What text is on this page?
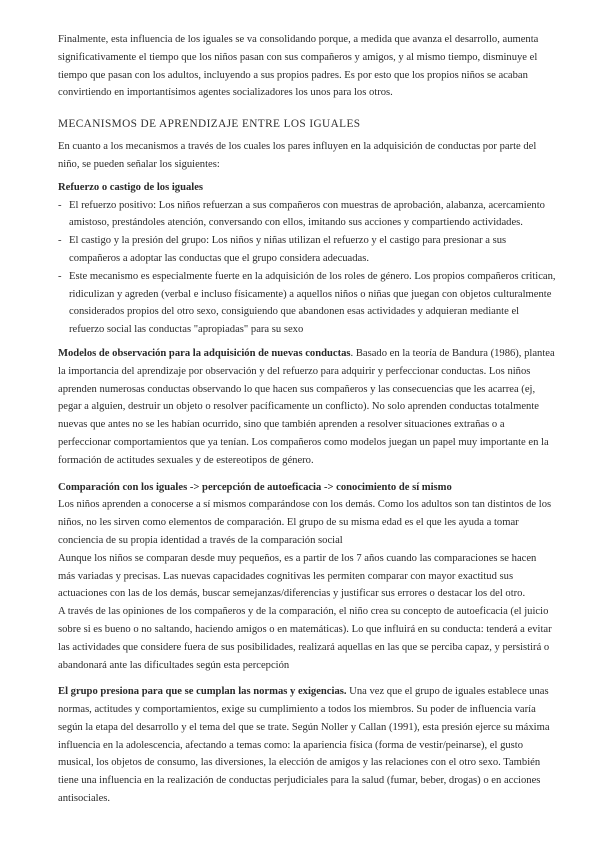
Finalmente, esta influencia de los iguales se va consolidando porque, a medida que avanza el desarrollo, aumenta significativamente el tiempo que los niños pasan con sus compañeros y amigos, y al mismo tiempo, disminuye el tiempo que pasan con los adultos, incluyendo a sus propios padres. Es por esto que los propios niños se acaban convirtiendo en importantísimos agentes socializadores los unos para los otros.

MECANISMOS DE APRENDIZAJE ENTRE LOS IGUALES

En cuanto a los mecanismos a través de los cuales los pares influyen en la adquisición de conductas por parte del niño, se pueden señalar los siguientes:

Refuerzo o castigo de los iguales

- El refuerzo positivo: Los niños refuerzan a sus compañeros con muestras de aprobación, alabanza, acercamiento amistoso, prestándoles atención, conversando con ellos, imitando sus acciones y compartiendo actividades.
- El castigo y la presión del grupo: Los niños y niñas utilizan el refuerzo y el castigo para presionar a sus compañeros a adoptar las conductas que el grupo considera adecuadas.
- Este mecanismo es especialmente fuerte en la adquisición de los roles de género. Los propios compañeros critican, ridiculizan y agreden (verbal e incluso físicamente) a aquellos niños o niñas que juegan con objetos culturalmente considerados propios del otro sexo, consiguiendo que abandonen esas actividades y adquieran mediante el refuerzo social las conductas "apropiadas" para su sexo

Modelos de observación para la adquisición de nuevas conductas. Basado en la teoría de Bandura (1986), plantea la importancia del aprendizaje por observación y del refuerzo para adquirir y perfeccionar conductas. Los niños aprenden numerosas conductas observando lo que hacen sus compañeros y las consecuencias que les acarrea (ej, pegar a alguien, destruir un objeto o resolver pacíficamente un conflicto). No solo aprenden conductas totalmente nuevas que antes no se les habían ocurrido, sino que también aprenden a resolver situaciones extrañas o a perfeccionar comportamientos que ya tenían. Los compañeros como modelos juegan un papel muy importante en la formación de actitudes sexuales y de estereotipos de género.

Comparación con los iguales -> percepción de autoeficacia -> conocimiento de sí mismo

Los niños aprenden a conocerse a sí mismos comparándose con los demás. Como los adultos son tan distintos de los niños, no les sirven como elementos de comparación. El grupo de su misma edad es el que les ayuda a tomar conciencia de su propia identidad a través de la comparación social

Aunque los niños se comparan desde muy pequeños, es a partir de los 7 años cuando las comparaciones se hacen más variadas y precisas. Las nuevas capacidades cognitivas les permiten comparar con mayor exactitud sus actuaciones con las de los demás, buscar semejanzas/diferencias y justificar sus errores o destacar los del otro.

A través de las opiniones de los compañeros y de la comparación, el niño crea su concepto de autoeficacia (el juicio sobre si es bueno o no saltando, haciendo amigos o en matemáticas). Lo que influirá en su conducta: tenderá a evitar las actividades que considere fuera de sus posibilidades, realizará aquellas en las que se perciba capaz, y persistirá o abandonará ante las dificultades según esta percepción

El grupo presiona para que se cumplan las normas y exigencias. Una vez que el grupo de iguales establece unas normas, actitudes y comportamientos, exige su cumplimiento a todos los miembros. Su poder de influencia varía según la etapa del desarrollo y el tema del que se trate. Según Noller y Callan (1991), esta presión ejerce su máxima influencia en la adolescencia, afectando a temas como: la apariencia física (forma de vestir/peinarse), el gusto musical, los objetos de consumo, las diversiones, la elección de amigos y las relaciones con el otro sexo. También tiene una influencia en la realización de conductas perjudiciales para la salud (fumar, beber, drogas) o en acciones antisociales.
